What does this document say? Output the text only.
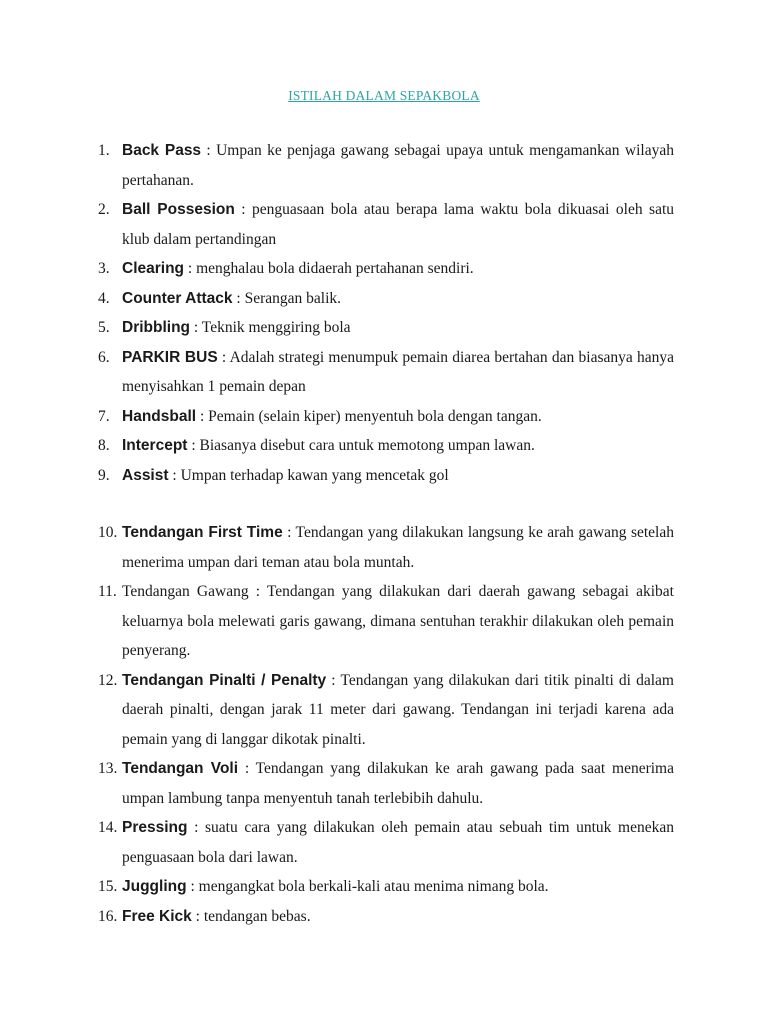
ISTILAH DALAM SEPAKBOLA
1. Back Pass : Umpan ke penjaga gawang sebagai upaya untuk mengamankan wilayah pertahanan.
2. Ball Possesion : penguasaan bola atau berapa lama waktu bola dikuasai oleh satu klub dalam pertandingan
3. Clearing : menghalau bola didaerah pertahanan sendiri.
4. Counter Attack : Serangan balik.
5. Dribbling : Teknik menggiring bola
6. PARKIR BUS : Adalah strategi menumpuk pemain diarea bertahan dan biasanya hanya menyisahkan 1 pemain depan
7. Handsball : Pemain (selain kiper) menyentuh bola dengan tangan.
8. Intercept : Biasanya disebut cara untuk memotong umpan lawan.
9. Assist : Umpan terhadap kawan yang mencetak gol
10. Tendangan First Time : Tendangan yang dilakukan langsung ke arah gawang setelah menerima umpan dari teman atau bola muntah.
11. Tendangan Gawang : Tendangan yang dilakukan dari daerah gawang sebagai akibat keluarnya bola melewati garis gawang, dimana sentuhan terakhir dilakukan oleh pemain penyerang.
12. Tendangan Pinalti / Penalty : Tendangan yang dilakukan dari titik pinalti di dalam daerah pinalti, dengan jarak 11 meter dari gawang. Tendangan ini terjadi karena ada pemain yang di langgar dikotak pinalti.
13. Tendangan Voli : Tendangan yang dilakukan ke arah gawang pada saat menerima umpan lambung tanpa menyentuh tanah terlebibih dahulu.
14. Pressing : suatu cara yang dilakukan oleh pemain atau sebuah tim untuk menekan penguasaan bola dari lawan.
15. Juggling : mengangkat bola berkali-kali atau menima nimang bola.
16. Free Kick : tendangan bebas.
